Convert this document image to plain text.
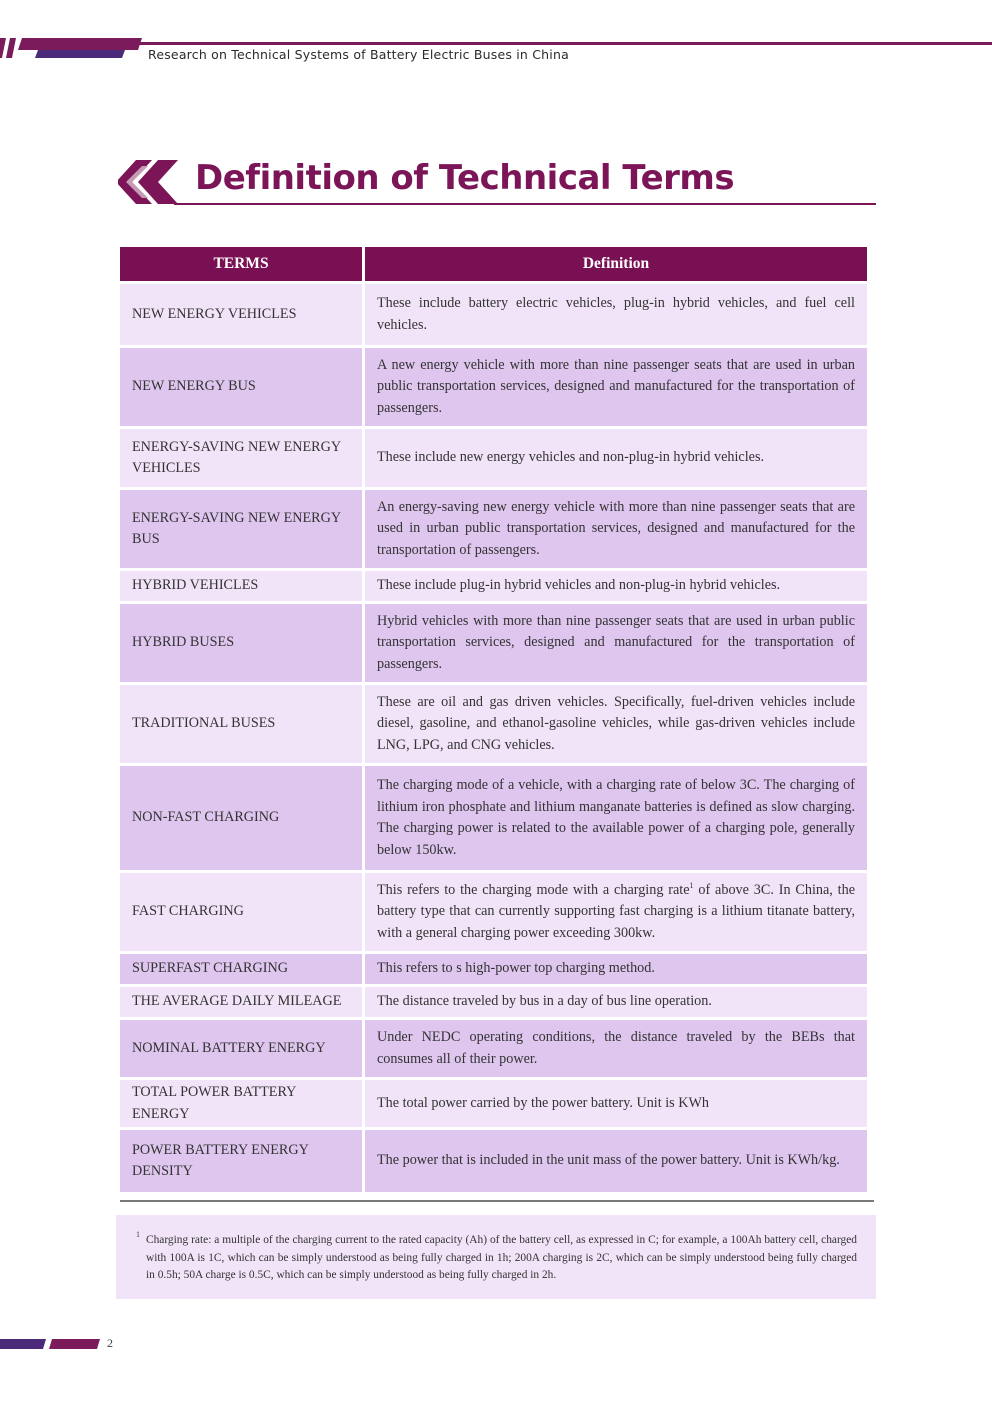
Research on Technical Systems of Battery Electric Buses in China
Definition of Technical Terms
TERMS	Definition
NEW ENERGY VEHICLES	These include battery electric vehicles, plug-in hybrid vehicles, and fuel cell vehicles.
NEW ENERGY BUS	A new energy vehicle with more than nine passenger seats that are used in urban public transportation services, designed and manufactured for the transportation of passengers.
ENERGY-SAVING NEW ENERGY VEHICLES	These include new energy vehicles and non-plug-in hybrid vehicles.
ENERGY-SAVING NEW ENERGY BUS	An energy-saving new energy vehicle with more than nine passenger seats that are used in urban public transportation services, designed and manufactured for the transportation of passengers.
HYBRID VEHICLES	These include plug-in hybrid vehicles and non-plug-in hybrid vehicles.
HYBRID BUSES	Hybrid vehicles with more than nine passenger seats that are used in urban public transportation services, designed and manufactured for the transportation of passengers.
TRADITIONAL BUSES	These are oil and gas driven vehicles. Specifically, fuel-driven vehicles include diesel, gasoline, and ethanol-gasoline vehicles, while gas-driven vehicles include LNG, LPG, and CNG vehicles.
NON-FAST CHARGING	The charging mode of a vehicle, with a charging rate of below 3C. The charging of lithium iron phosphate and lithium manganate batteries is defined as slow charging. The charging power is related to the available power of a charging pole, generally below 150kw.
FAST CHARGING	This refers to the charging mode with a charging rate$^1$ of above 3C. In China, the battery type that can currently supporting fast charging is a lithium titanate battery, with a general charging power exceeding 300kw.
SUPERFAST CHARGING	This refers to s high-power top charging method.
THE AVERAGE DAILY MILEAGE	The distance traveled by bus in a day of bus line operation.
NOMINAL BATTERY ENERGY	Under NEDC operating conditions, the distance traveled by the BEBs that consumes all of their power.
TOTAL POWER BATTERY ENERGY	The total power carried by the power battery. Unit is KWh
POWER BATTERY ENERGY DENSITY	The power that is included in the unit mass of the power battery. Unit is KWh/kg.
1 Charging rate: a multiple of the charging current to the rated capacity (Ah) of the battery cell, as expressed in C; for example, a 100Ah battery cell, charged with 100A is 1C, which can be simply understood as being fully charged in 1h; 200A charging is 2C, which can be simply understood being fully charged in 0.5h; 50A charge is 0.5C, which can be simply understood as being fully charged in 2h.
2
